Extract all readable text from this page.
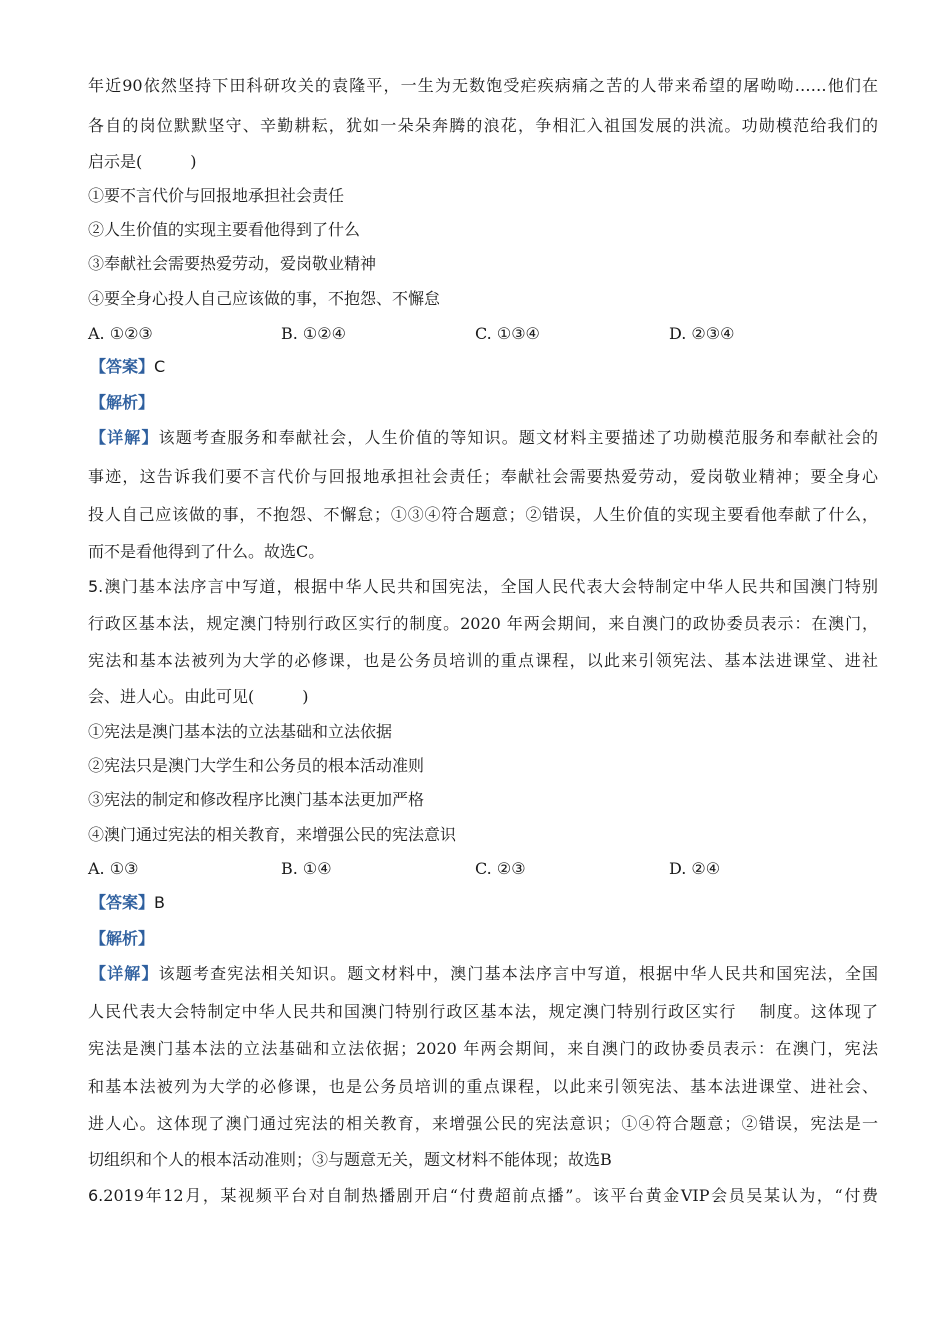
年近90依然坚持下田科研攻关的袁隆平，一生为无数饱受疟疾病痛之苦的人带来希望的屠呦呦……他们在
各自的岗位默默坚守、辛勤耕耘，犹如一朵朵奔腾的浪花，争相汇入祖国发展的洪流。功勋模范给我们的
启示是(　　　)
①要不言代价与回报地承担社会责任
②人生价值的实现主要看他得到了什么
③奉献社会需要热爱劳动，爱岗敬业精神
④要全身心投人自己应该做的事，不抱怨、不懈怠
A. ①②③	B. ①②④	C. ①③④	D. ②③④
【答案】C
【解析】
【详解】该题考查服务和奉献社会，人生价值的等知识。题文材料主要描述了功勋模范服务和奉献社会的
事迹，这告诉我们要不言代价与回报地承担社会责任；奉献社会需要热爱劳动，爱岗敬业精神；要全身心
投人自己应该做的事，不抱怨、不懈怠；①③④符合题意；②错误，人生价值的实现主要看他奉献了什么，
而不是看他得到了什么。故选C。
5.澳门基本法序言中写道，根据中华人民共和国宪法，全国人民代表大会特制定中华人民共和国澳门特别
行政区基本法，规定澳门特别行政区实行的制度。2020 年两会期间，来自澳门的政协委员表示：在澳门，
宪法和基本法被列为大学的必修课，也是公务员培训的重点课程，以此来引领宪法、基本法进课堂、进社
会、进人心。由此可见(　　　)
①宪法是澳门基本法的立法基础和立法依据
②宪法只是澳门大学生和公务员的根本活动准则
③宪法的制定和修改程序比澳门基本法更加严格
④澳门通过宪法的相关教育，来增强公民的宪法意识
A. ①③	B. ①④	C. ②③	D. ②④
【答案】B
【解析】
【详解】该题考查宪法相关知识。题文材料中，澳门基本法序言中写道，根据中华人民共和国宪法，全国
人民代表大会特制定中华人民共和国澳门特别行政区基本法，规定澳门特别行政区实行　 制度。这体现了
宪法是澳门基本法的立法基础和立法依据；2020 年两会期间，来自澳门的政协委员表示：在澳门，宪法
和基本法被列为大学的必修课，也是公务员培训的重点课程，以此来引领宪法、基本法进课堂、进社会、
进人心。这体现了澳门通过宪法的相关教育，来增强公民的宪法意识；①④符合题意；②错误，宪法是一
切组织和个人的根本活动准则；③与题意无关，题文材料不能体现；故选B
6.2019年12月，某视频平台对自制热播剧开启“付费超前点播”。该平台黄金VIP会员吴某认为，“付费
